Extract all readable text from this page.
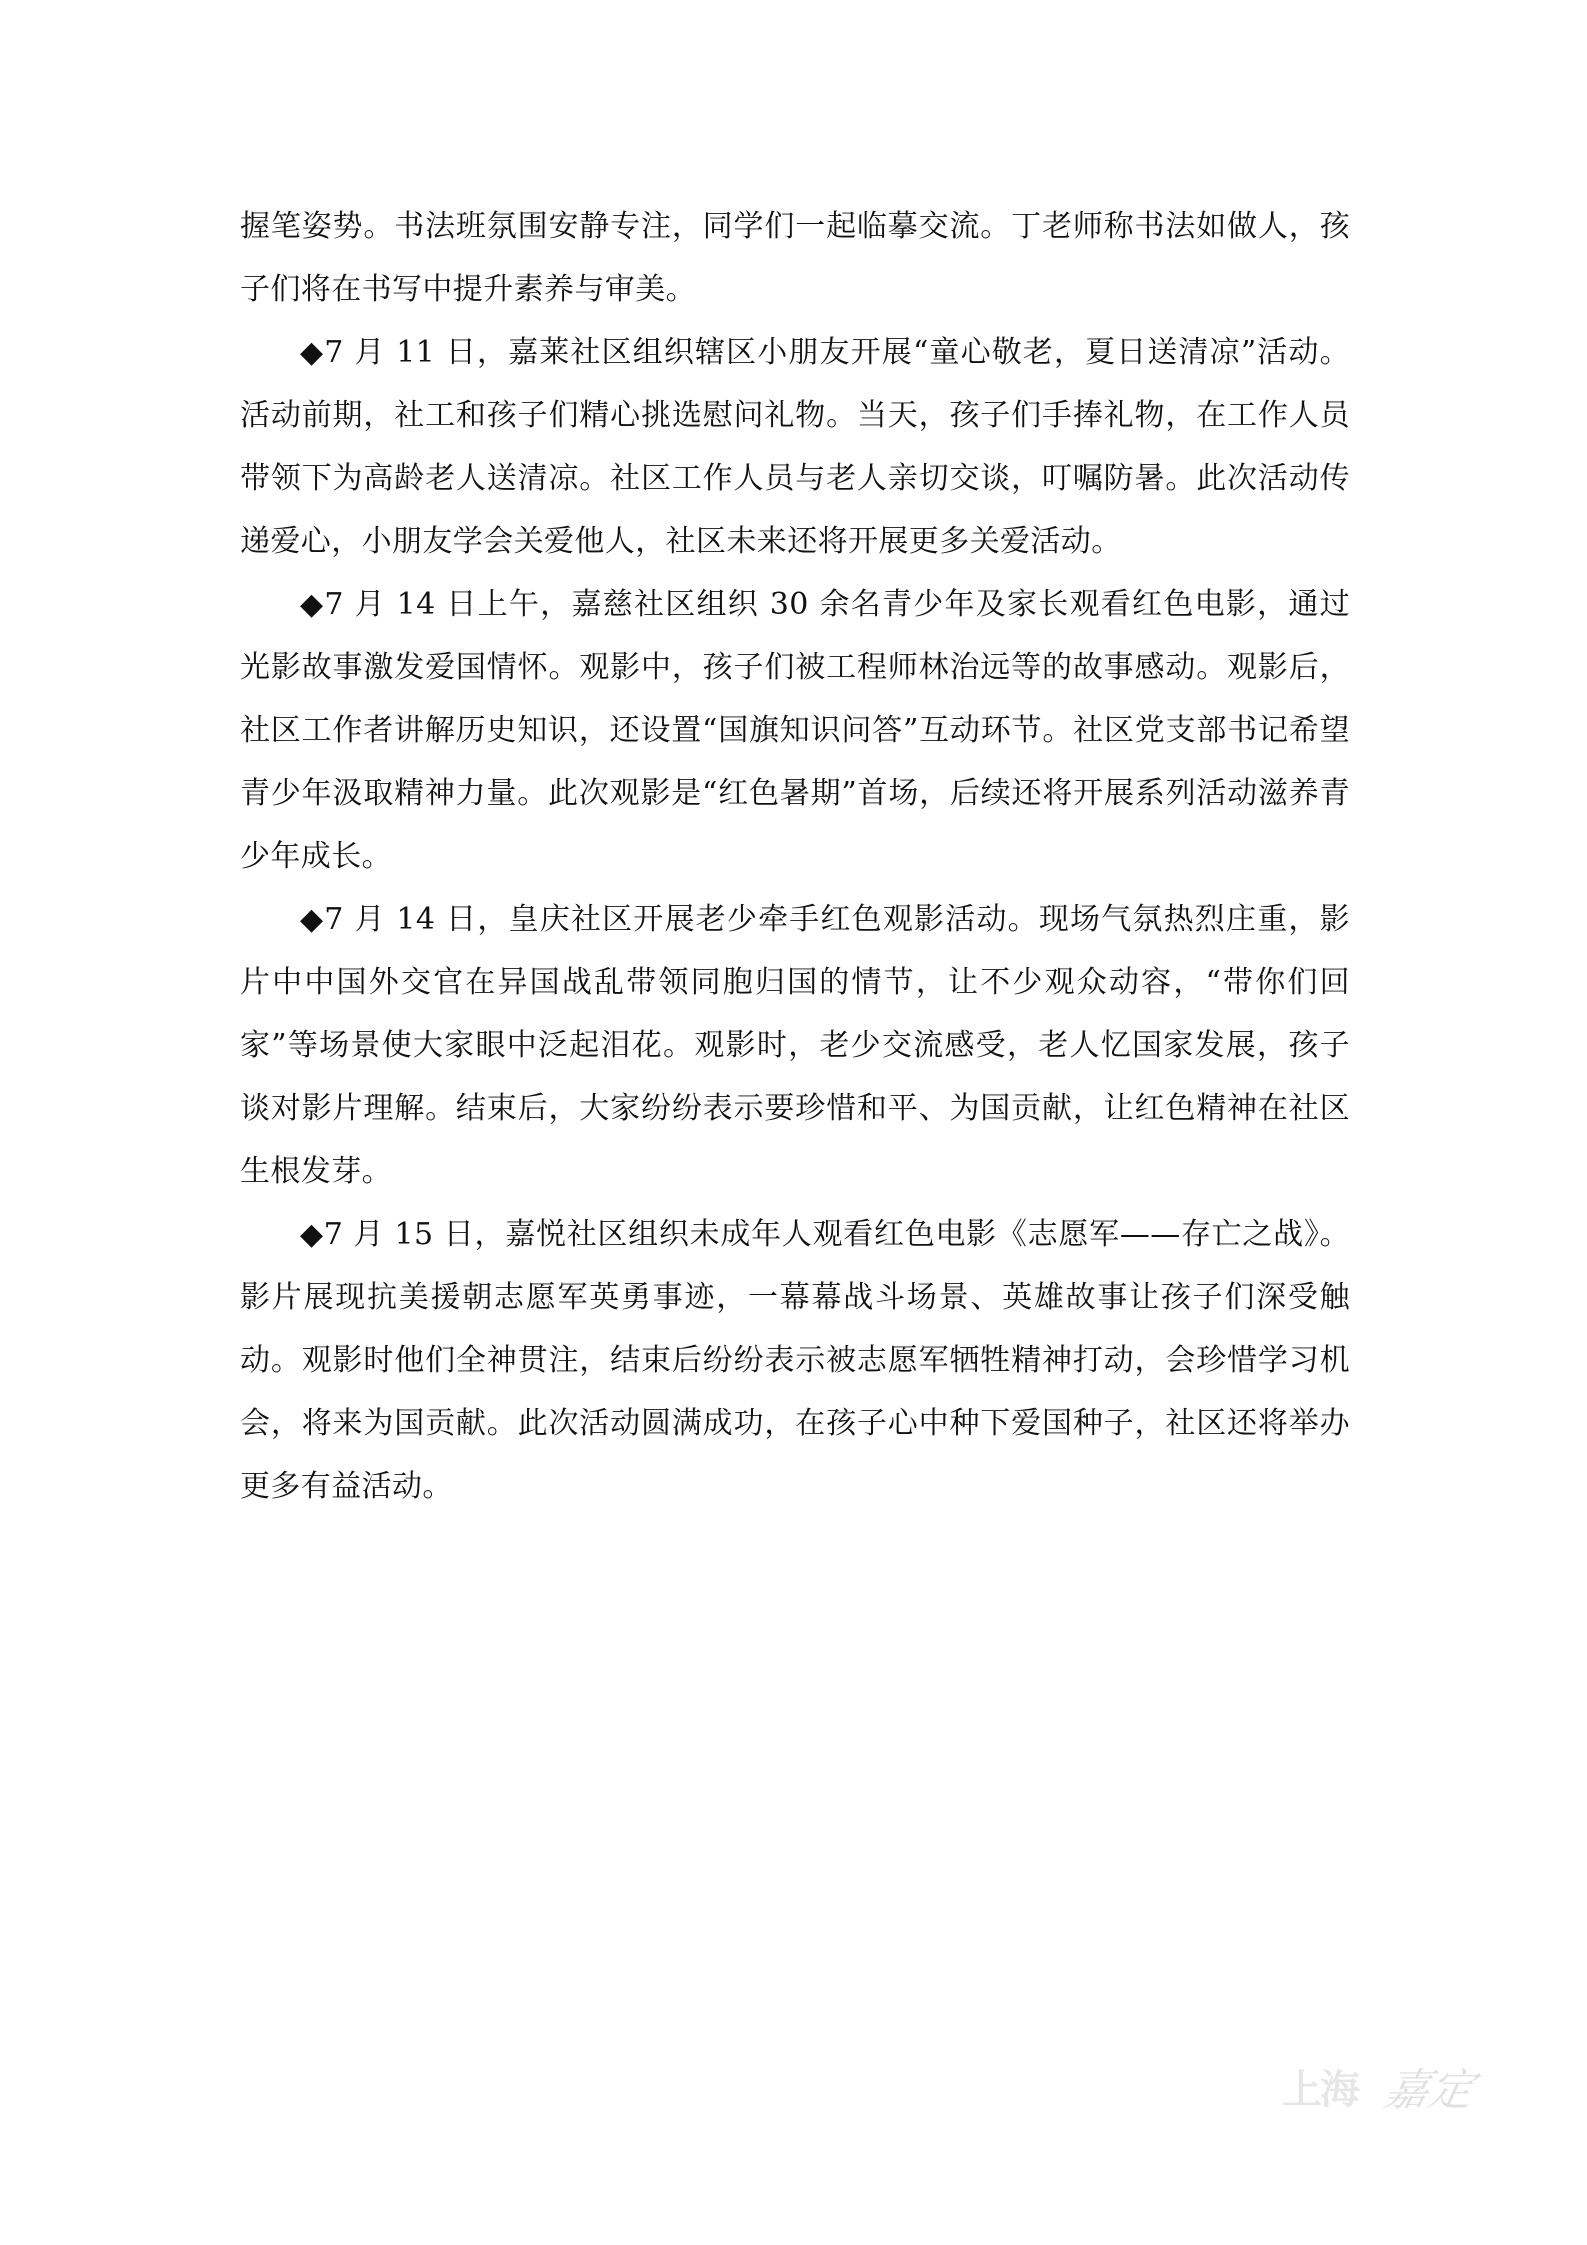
握笔姿势。书法班氛围安静专注，同学们一起临摹交流。丁老师称书法如做人，孩子们将在书写中提升素养与审美。

◆7 月 11 日，嘉莱社区组织辖区小朋友开展“童心敬老，夏日送清凉”活动。活动前期，社工和孩子们精心挑选慰问礼物。当天，孩子们手捧礼物，在工作人员带领下为高龄老人送清凉。社区工作人员与老人亲切交谈，叮嘱防暑。此次活动传递爱心，小朋友学会关爱他人，社区未来还将开展更多关爱活动。

◆7 月 14 日上午，嘉慈社区组织 30 余名青少年及家长观看红色电影，通过光影故事激发爱国情怀。观影中，孩子们被工程师林治远等的故事感动。观影后，社区工作者讲解历史知识，还设置“国旗知识问答”互动环节。社区党支部书记希望青少年汲取精神力量。此次观影是“红色暑期”首场，后续还将开展系列活动滋养青少年成长。

◆7 月 14 日，皇庆社区开展老少牵手红色观影活动。现场气氛热烈庄重，影片中中国外交官在异国战乱带领同胞归国的情节，让不少观众动容，“带你们回家”等场景使大家眼中泛起泪花。观影时，老少交流感受，老人忆国家发展，孩子谈对影片理解。结束后，大家纷纷表示要珍惜和平、为国贡献，让红色精神在社区生根发芽。

◆7 月 15 日，嘉悦社区组织未成年人观看红色电影《志愿军——存亡之战》。影片展现抗美援朝志愿军英勇事迹，一幕幕战斗场景、英雄故事让孩子们深受触动。观影时他们全神贯注，结束后纷纷表示被志愿军牺牲精神打动，会珍惜学习机会，将来为国贡献。此次活动圆满成功，在孩子心中种下爱国种子，社区还将举办更多有益活动。

上海 嘉定
